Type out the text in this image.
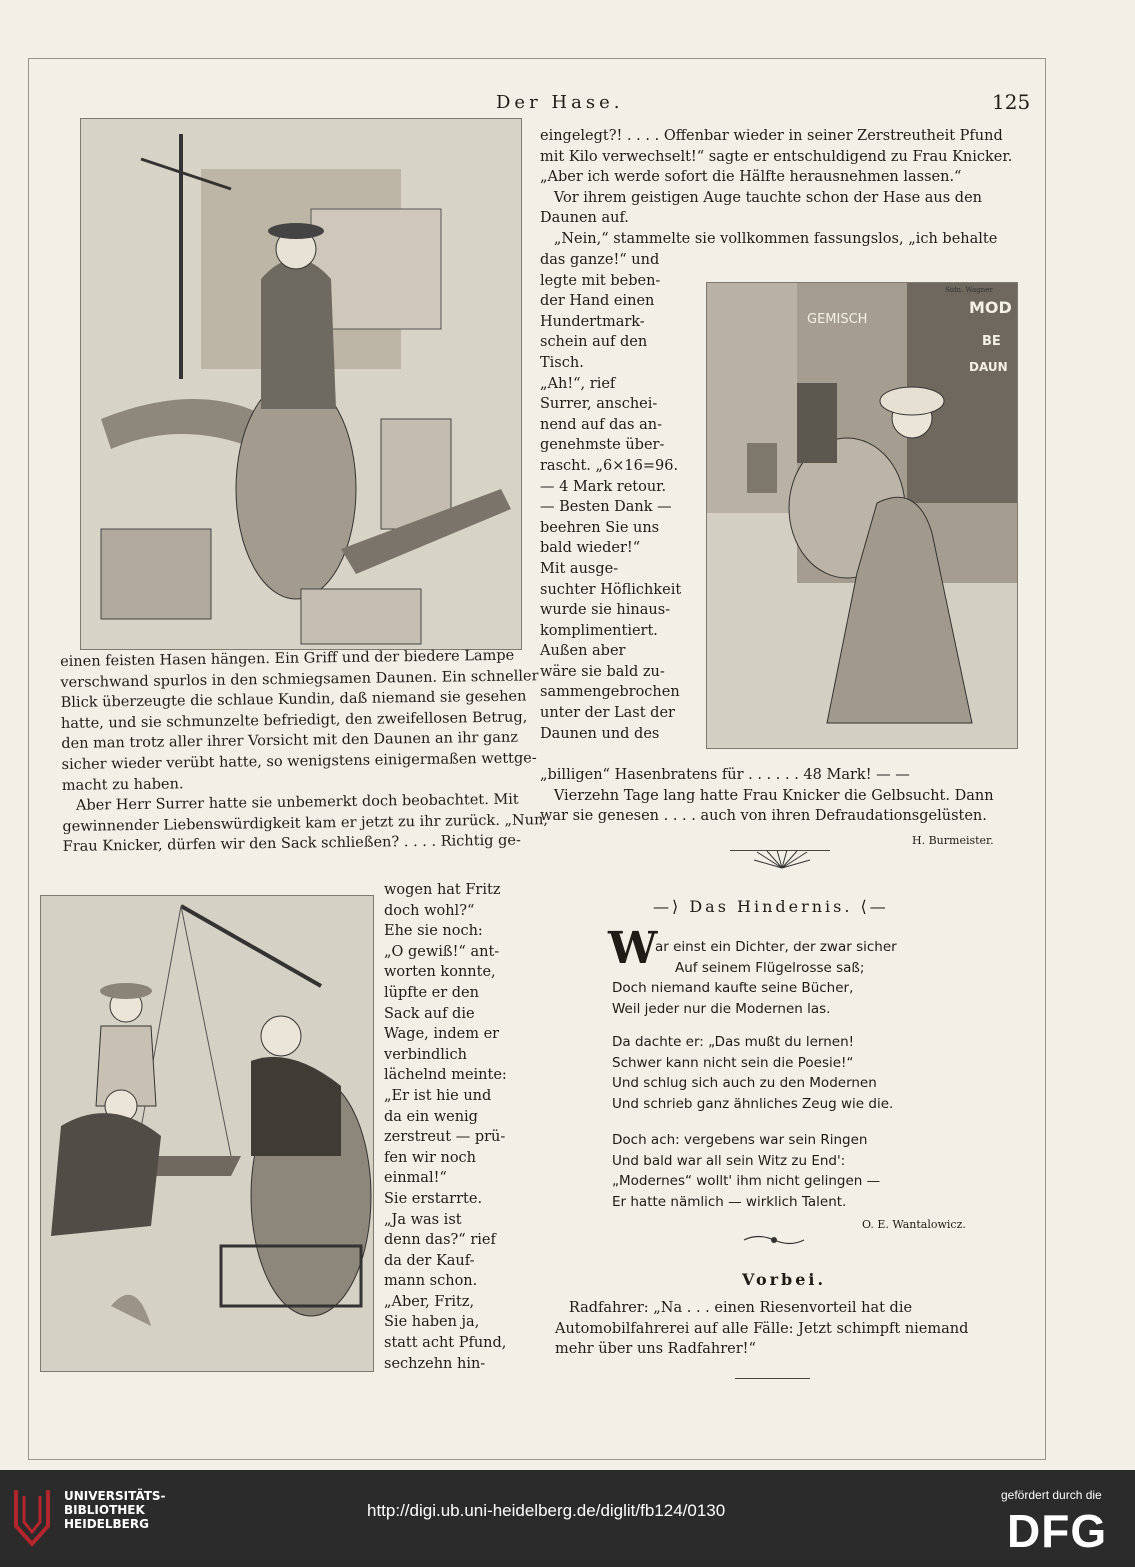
Der Hase.	125
GEMISCH
MOD
BE
DAUN
Sidn. Wagner

einen feisten Hasen hängen. Ein Griff und der biedere Lampe

verschwand spurlos in den schmiegsamen Daunen. Ein schneller

Blick überzeugte die schlaue Kundin, daß niemand sie gesehen

hatte, und sie schmunzelte befriedigt, den zweifellosen Betrug,

den man trotz aller ihrer Vorsicht mit den Daunen an ihr ganz

sicher wieder verübt hatte, so wenigstens einigermaßen wettge-

macht zu haben.

Aber Herr Surrer hatte sie unbemerkt doch beobachtet. Mit

gewinnender Liebenswürdigkeit kam er jetzt zu ihr zurück. „Nun,

Frau Knicker, dürfen wir den Sack schließen? . . . . Richtig ge-

wogen hat Fritz

doch wohl?“

Ehe sie noch:

„O gewiß!“ ant-

worten konnte,

lüpfte er den

Sack auf die

Wage, indem er

verbindlich

lächelnd meinte:

„Er ist hie und

da ein wenig

zerstreut — prü-

fen wir noch

einmal!“

Sie erstarrte.

„Ja was ist

denn das?“ rief

da der Kauf-

mann schon.

„Aber, Fritz,

Sie haben ja,

statt acht Pfund,

sechzehn hin-

eingelegt?! . . . . Offenbar wieder in seiner Zerstreutheit Pfund

mit Kilo verwechselt!“ sagte er entschuldigend zu Frau Knicker.

„Aber ich werde sofort die Hälfte herausnehmen lassen.“

Vor ihrem geistigen Auge tauchte schon der Hase aus den

Daunen auf.

„Nein,“ stammelte sie vollkommen fassungslos, „ich behalte

das ganze!“ und

legte mit beben-

der Hand einen

Hundertmark-

schein auf den

Tisch.

„Ah!“, rief

Surrer, anschei-

nend auf das an-

genehmste über-

rascht. „6×16=96.

— 4 Mark retour.

— Besten Dank —

beehren Sie uns

bald wieder!“

Mit ausge-

suchter Höflichkeit

wurde sie hinaus-

komplimentiert.

Außen aber

wäre sie bald zu-

sammengebrochen

unter der Last der

Daunen und des

„billigen“ Hasenbratens für . . . . . . 48 Mark! — —

Vierzehn Tage lang hatte Frau Knicker die Gelbsucht. Dann

war sie genesen . . . . auch von ihren Defraudationsgelüsten.

H. Burmeister.
—⟩ Das Hindernis. ⟨—
W

ar einst ein Dichter, der zwar sicher

Auf seinem Flügelrosse saß;

Doch niemand kaufte seine Bücher,

Weil jeder nur die Modernen las.

Da dachte er: „Das mußt du lernen!

Schwer kann nicht sein die Poesie!“

Und schlug sich auch zu den Modernen

Und schrieb ganz ähnliches Zeug wie die.

Doch ach: vergebens war sein Ringen

Und bald war all sein Witz zu End':

„Modernes“ wollt' ihm nicht gelingen —

Er hatte nämlich — wirklich Talent.

O. E. Wantalowicz.
Vorbei.

Radfahrer: „Na . . . einen Riesenvorteil hat die

Automobilfahrerei auf alle Fälle: Jetzt schimpft niemand

mehr über uns Radfahrer!“

UNIVERSITÄTS-
BIBLIOTHEK
HEIDELBERG
http://digi.ub.uni-heidelberg.de/diglit/fb124/0130
gefördert durch die
DFG
